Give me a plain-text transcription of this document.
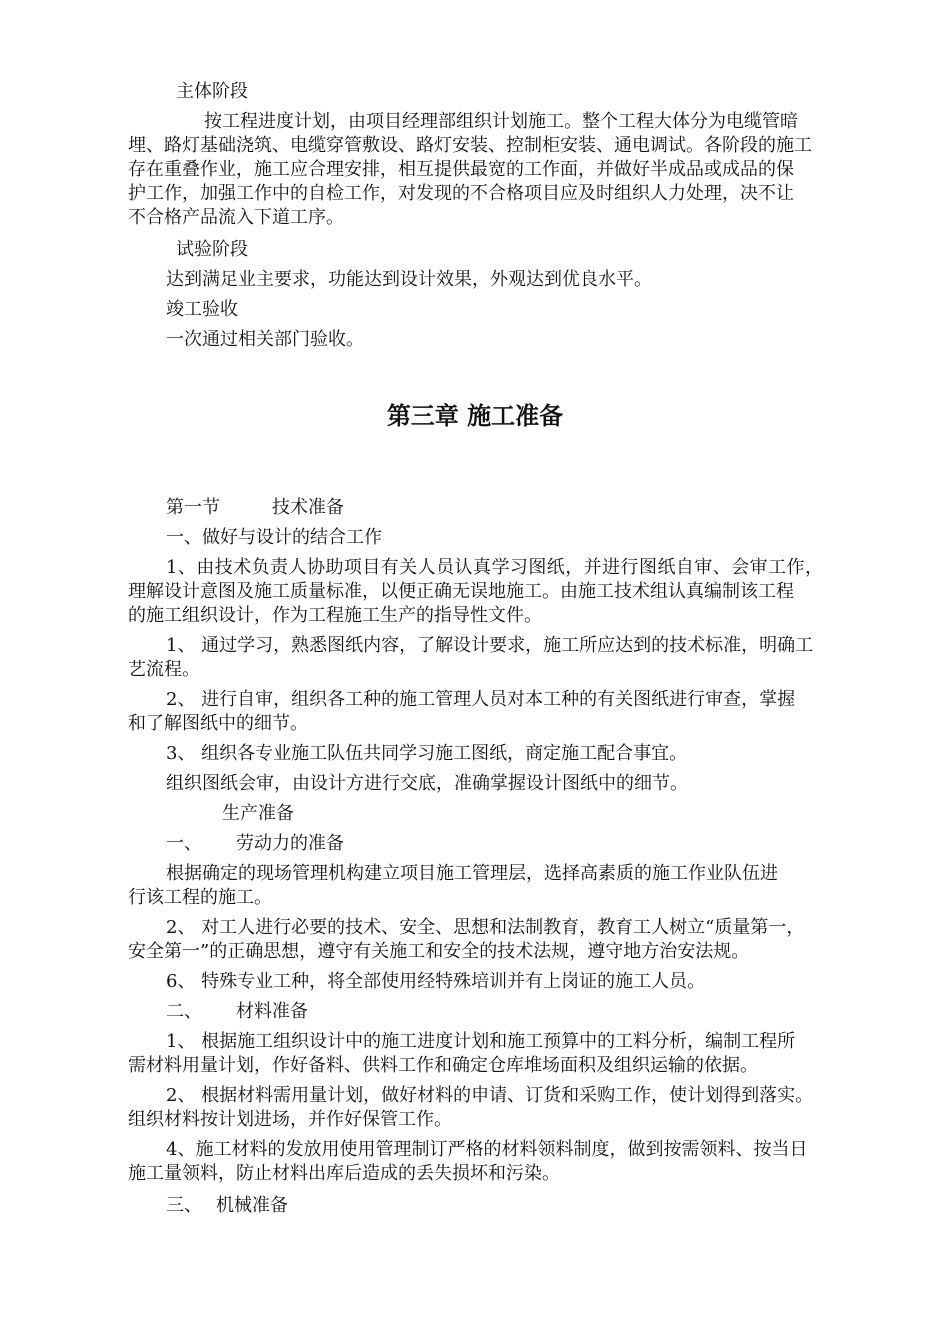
主体阶段

按工程进度计划，由项目经理部组织计划施工。整个工程大体分为电缆管暗

埋、路灯基础浇筑、电缆穿管敷设、路灯安装、控制柜安装、通电调试。各阶段的施工

存在重叠作业，施工应合理安排，相互提供最宽的工作面，并做好半成品或成品的保

护工作，加强工作中的自检工作，对发现的不合格项目应及时组织人力处理，决不让

不合格产品流入下道工序。

试验阶段

达到满足业主要求，功能达到设计效果，外观达到优良水平。

竣工验收

一次通过相关部门验收。

第三章 施工准备

第一节	技术准备

一、做好与设计的结合工作

1、由技术负责人协助项目有关人员认真学习图纸，并进行图纸自审、会审工作，

理解设计意图及施工质量标准，以便正确无误地施工。由施工技术组认真编制该工程

的施工组织设计，作为工程施工生产的指导性文件。

1、 通过学习，熟悉图纸内容，了解设计要求，施工所应达到的技术标准，明确工

艺流程。

2、 进行自审，组织各工种的施工管理人员对本工种的有关图纸进行审查，掌握

和了解图纸中的细节。

3、 组织各专业施工队伍共同学习施工图纸，商定施工配合事宜。

组织图纸会审，由设计方进行交底，准确掌握设计图纸中的细节。

生产准备

一、 劳动力的准备

根据确定的现场管理机构建立项目施工管理层，选择高素质的施工作业队伍进

行该工程的施工。

2、 对工人进行必要的技术、安全、思想和法制教育，教育工人树立“质量第一，

安全第一”的正确思想，遵守有关施工和安全的技术法规，遵守地方治安法规。

6、 特殊专业工种，将全部使用经特殊培训并有上岗证的施工人员。

二、 材料准备

1、 根据施工组织设计中的施工进度计划和施工预算中的工料分析，编制工程所

需材料用量计划，作好备料、供料工作和确定仓库堆场面积及组织运输的依据。

2、 根据材料需用量计划，做好材料的申请、订货和采购工作，使计划得到落实。

组织材料按计划进场，并作好保管工作。

4、施工材料的发放用使用管理制订严格的材料领料制度，做到按需领料、按当日

施工量领料，防止材料出库后造成的丢失损坏和污染。

三、 机械准备
